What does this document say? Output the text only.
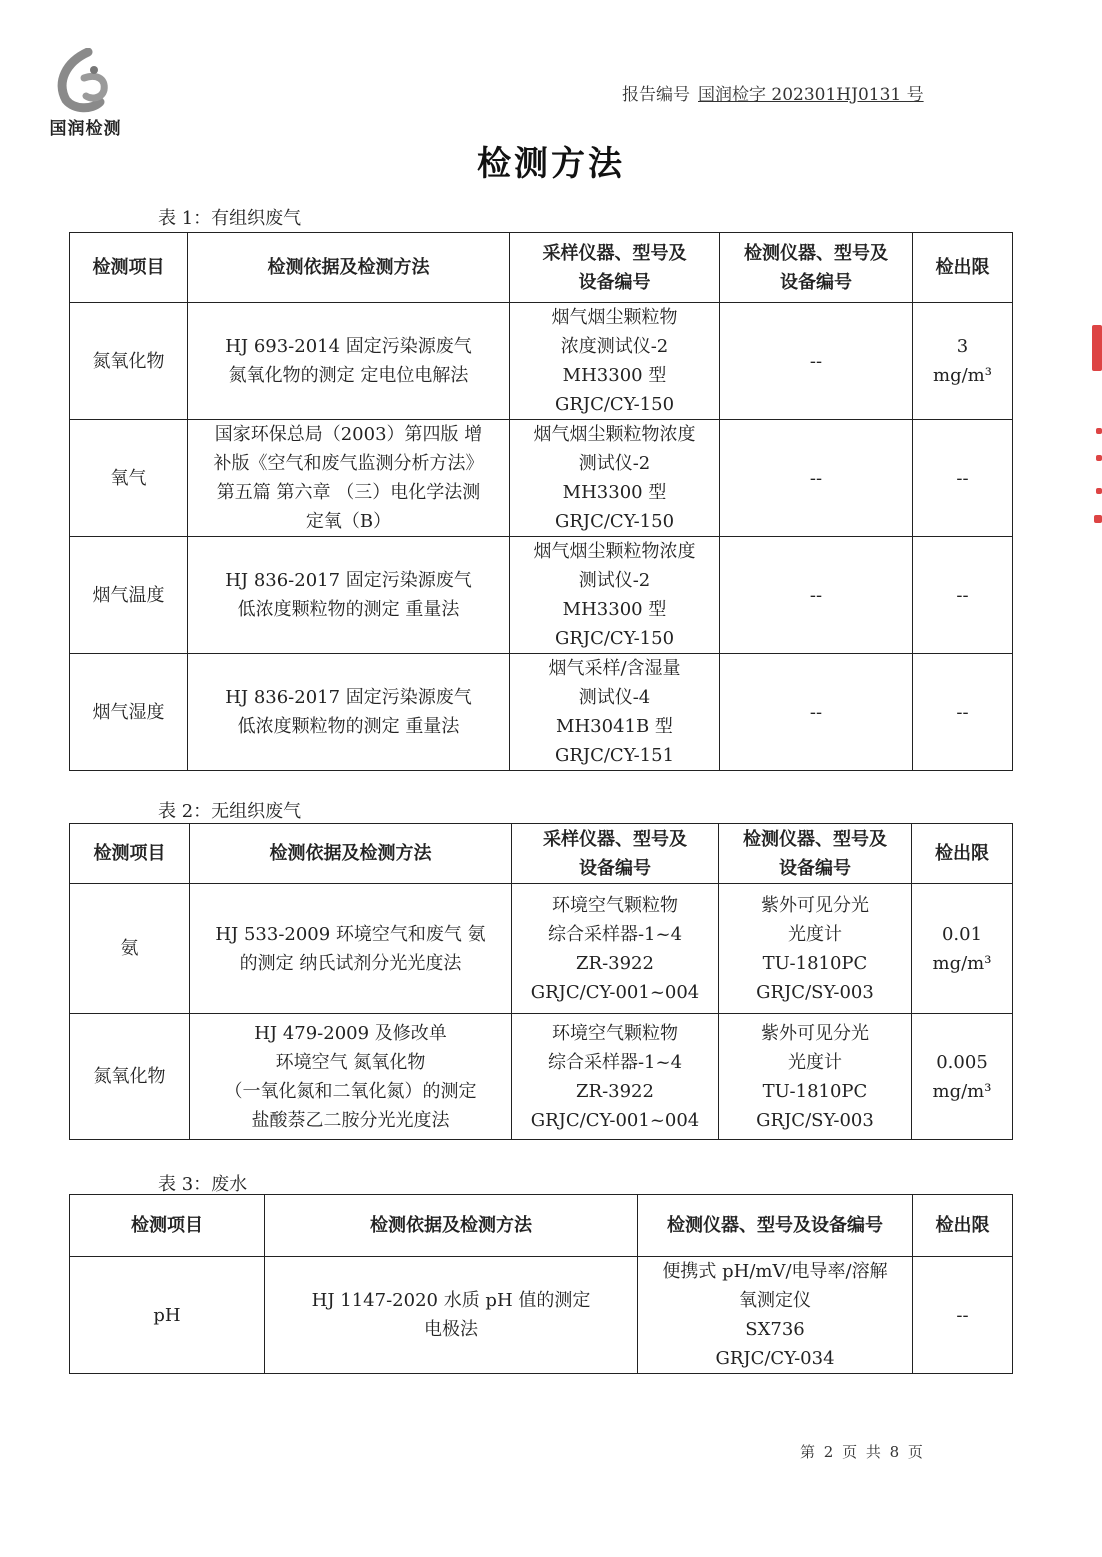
国润检测
报告编号 国润检字 202301HJ0131 号
检测方法
表 1：有组织废气
检测项目	检测依据及检测方法	采样仪器、型号及
设备编号	检测仪器、型号及
设备编号	检出限
氮氧化物	HJ 693-2014 固定污染源废气
氮氧化物的测定 定电位电解法	烟气烟尘颗粒物
浓度测试仪-2
MH3300 型
GRJC/CY-150	--	3
mg/m³
氧气	国家环保总局（2003）第四版 增
补版《空气和废气监测分析方法》
第五篇 第六章 （三）电化学法测
定氧（B）	烟气烟尘颗粒物浓度
测试仪-2
MH3300 型
GRJC/CY-150	--	--
烟气温度	HJ 836-2017 固定污染源废气
低浓度颗粒物的测定 重量法	烟气烟尘颗粒物浓度
测试仪-2
MH3300 型
GRJC/CY-150	--	--
烟气湿度	HJ 836-2017 固定污染源废气
低浓度颗粒物的测定 重量法	烟气采样/含湿量
测试仪-4
MH3041B 型
GRJC/CY-151	--	--
表 2：无组织废气
检测项目	检测依据及检测方法	采样仪器、型号及
设备编号	检测仪器、型号及
设备编号	检出限
氨	HJ 533-2009 环境空气和废气 氨
的测定 纳氏试剂分光光度法	环境空气颗粒物
综合采样器-1~4
ZR-3922
GRJC/CY-001~004	紫外可见分光
光度计
TU-1810PC
GRJC/SY-003	0.01
mg/m³
氮氧化物	HJ 479-2009 及修改单
环境空气 氮氧化物
（一氧化氮和二氧化氮）的测定
盐酸萘乙二胺分光光度法	环境空气颗粒物
综合采样器-1~4
ZR-3922
GRJC/CY-001~004	紫外可见分光
光度计
TU-1810PC
GRJC/SY-003	0.005
mg/m³
表 3：废水
检测项目	检测依据及检测方法	检测仪器、型号及设备编号	检出限
pH	HJ 1147-2020 水质 pH 值的测定
电极法	便携式 pH/mV/电导率/溶解
氧测定仪
SX736
GRJC/CY-034	--
第 2 页 共 8 页
